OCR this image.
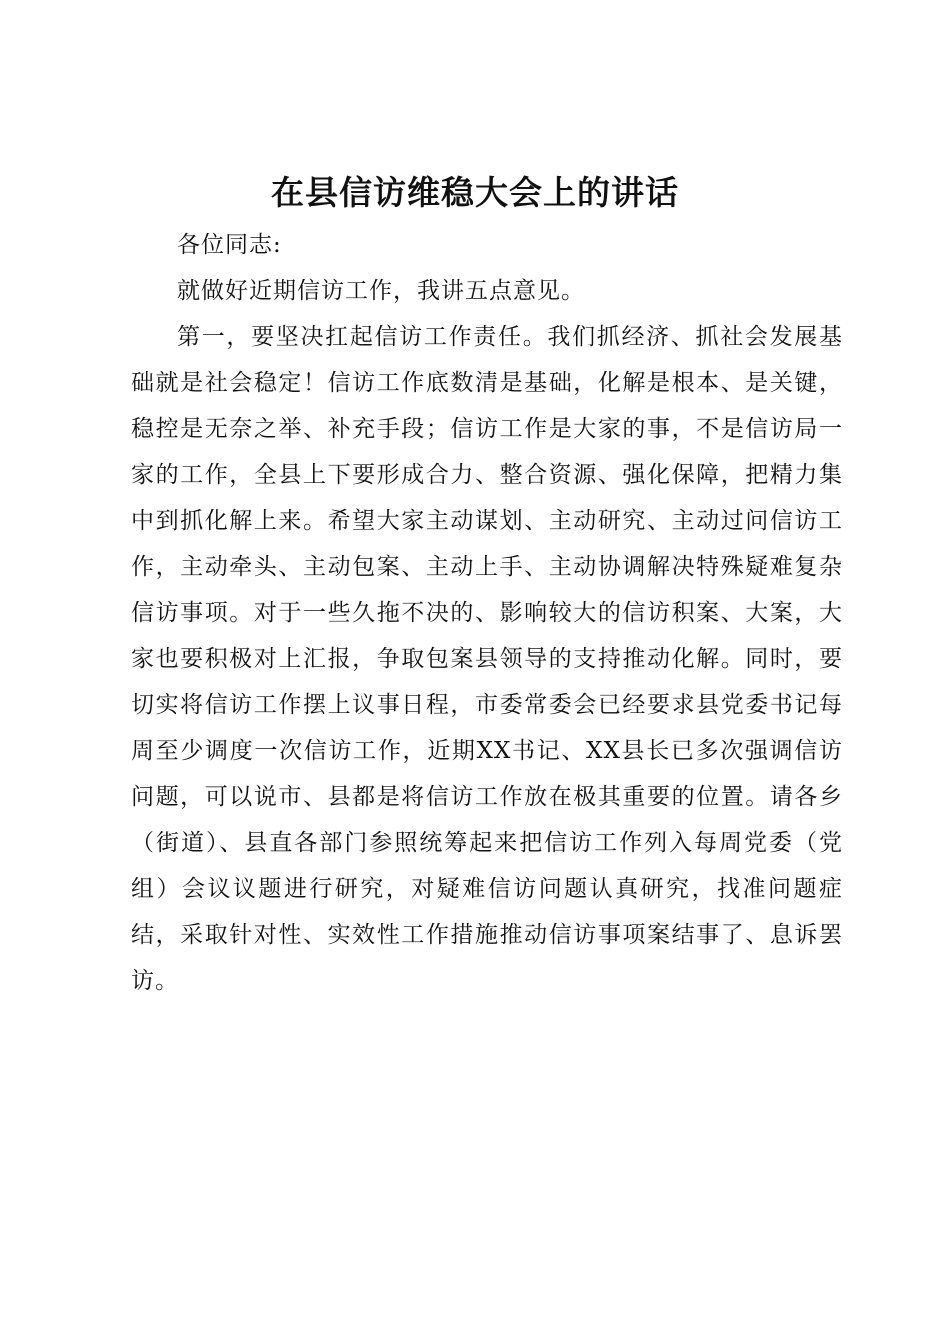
在县信访维稳大会上的讲话

各位同志:

就做好近期信访工作，我讲五点意见。

第一，要坚决扛起信访工作责任。我们抓经济、抓社会发展基础就是社会稳定！信访工作底数清是基础，化解是根本、是关键，稳控是无奈之举、补充手段；信访工作是大家的事，不是信访局一家的工作，全县上下要形成合力、整合资源、强化保障，把精力集中到抓化解上来。希望大家主动谋划、主动研究、主动过问信访工作，主动牵头、主动包案、主动上手、主动协调解决特殊疑难复杂信访事项。对于一些久拖不决的、影响较大的信访积案、大案，大家也要积极对上汇报，争取包案县领导的支持推动化解。同时，要切实将信访工作摆上议事日程，市委常委会已经要求县党委书记每周至少调度一次信访工作，近期XX书记、XX县长已多次强调信访问题，可以说市、县都是将信访工作放在极其重要的位置。请各乡（街道）、县直各部门参照统筹起来把信访工作列入每周党委（党组）会议议题进行研究，对疑难信访问题认真研究，找准问题症结，采取针对性、实效性工作措施推动信访事项案结事了、息诉罢访。
